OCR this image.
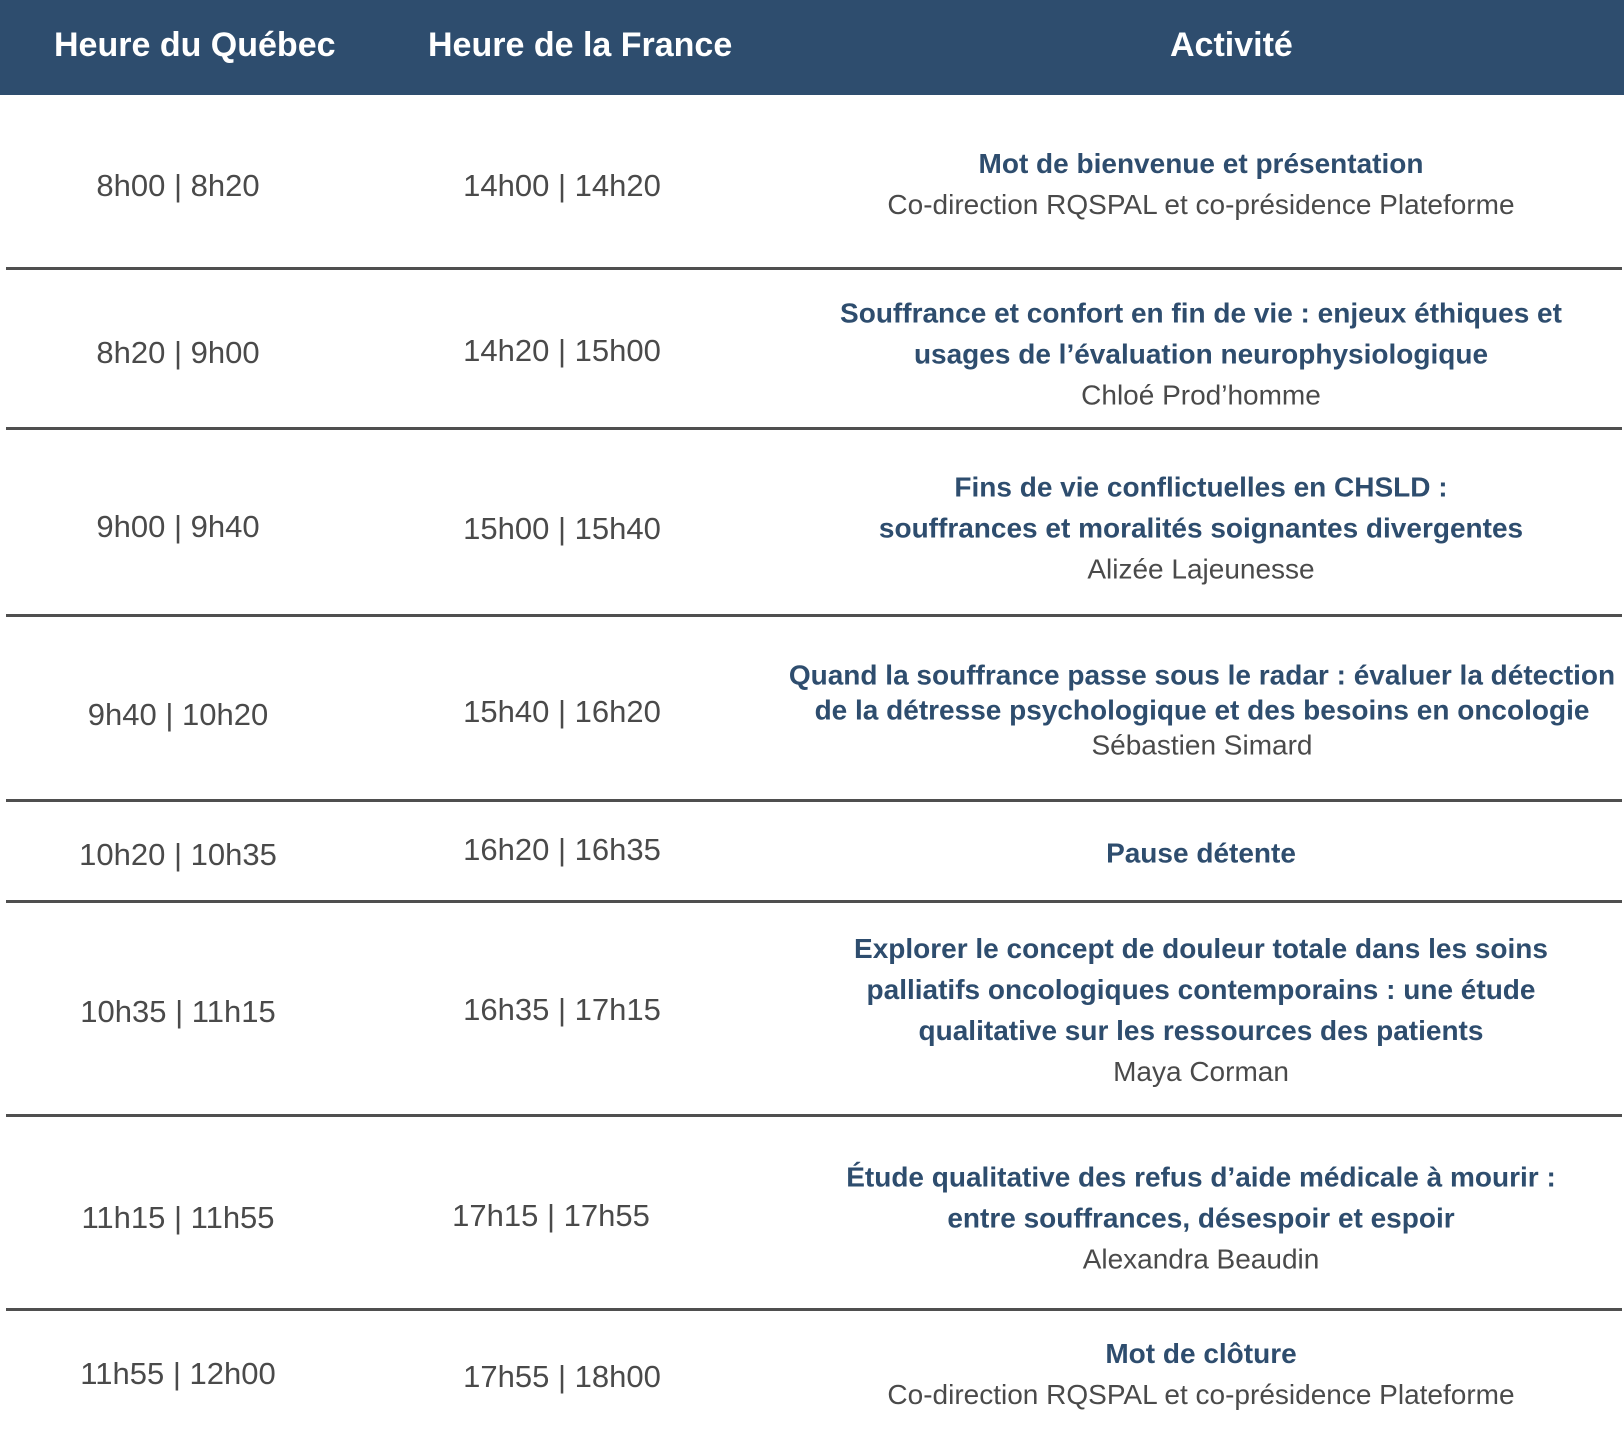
Heure du Québec	Heure de la France	Activité
8h00 | 8h20	14h00 | 14h20
Mot de bienvenue et présentation
Co-direction RQSPAL et co-présidence Plateforme
8h20 | 9h00	14h20 | 15h00
Souffrance et confort en fin de vie : enjeux éthiques et
usages de l’évaluation neurophysiologique
Chloé Prod’homme
9h00 | 9h40	15h00 | 15h40
Fins de vie conflictuelles en CHSLD :
souffrances et moralités soignantes divergentes
Alizée Lajeunesse
9h40 | 10h20	15h40 | 16h20
Quand la souffrance passe sous le radar : évaluer la détection
de la détresse psychologique et des besoins en oncologie
Sébastien Simard
10h20 | 10h35	16h20 | 16h35	Pause détente
10h35 | 11h15	16h35 | 17h15
Explorer le concept de douleur totale dans les soins
palliatifs oncologiques contemporains : une étude
qualitative sur les ressources des patients
Maya Corman
11h15 | 11h55	17h15 | 17h55
Étude qualitative des refus d’aide médicale à mourir :
entre souffrances, désespoir et espoir
Alexandra Beaudin
11h55 | 12h00	17h55 | 18h00
Mot de clôture
Co-direction RQSPAL et co-présidence Plateforme
